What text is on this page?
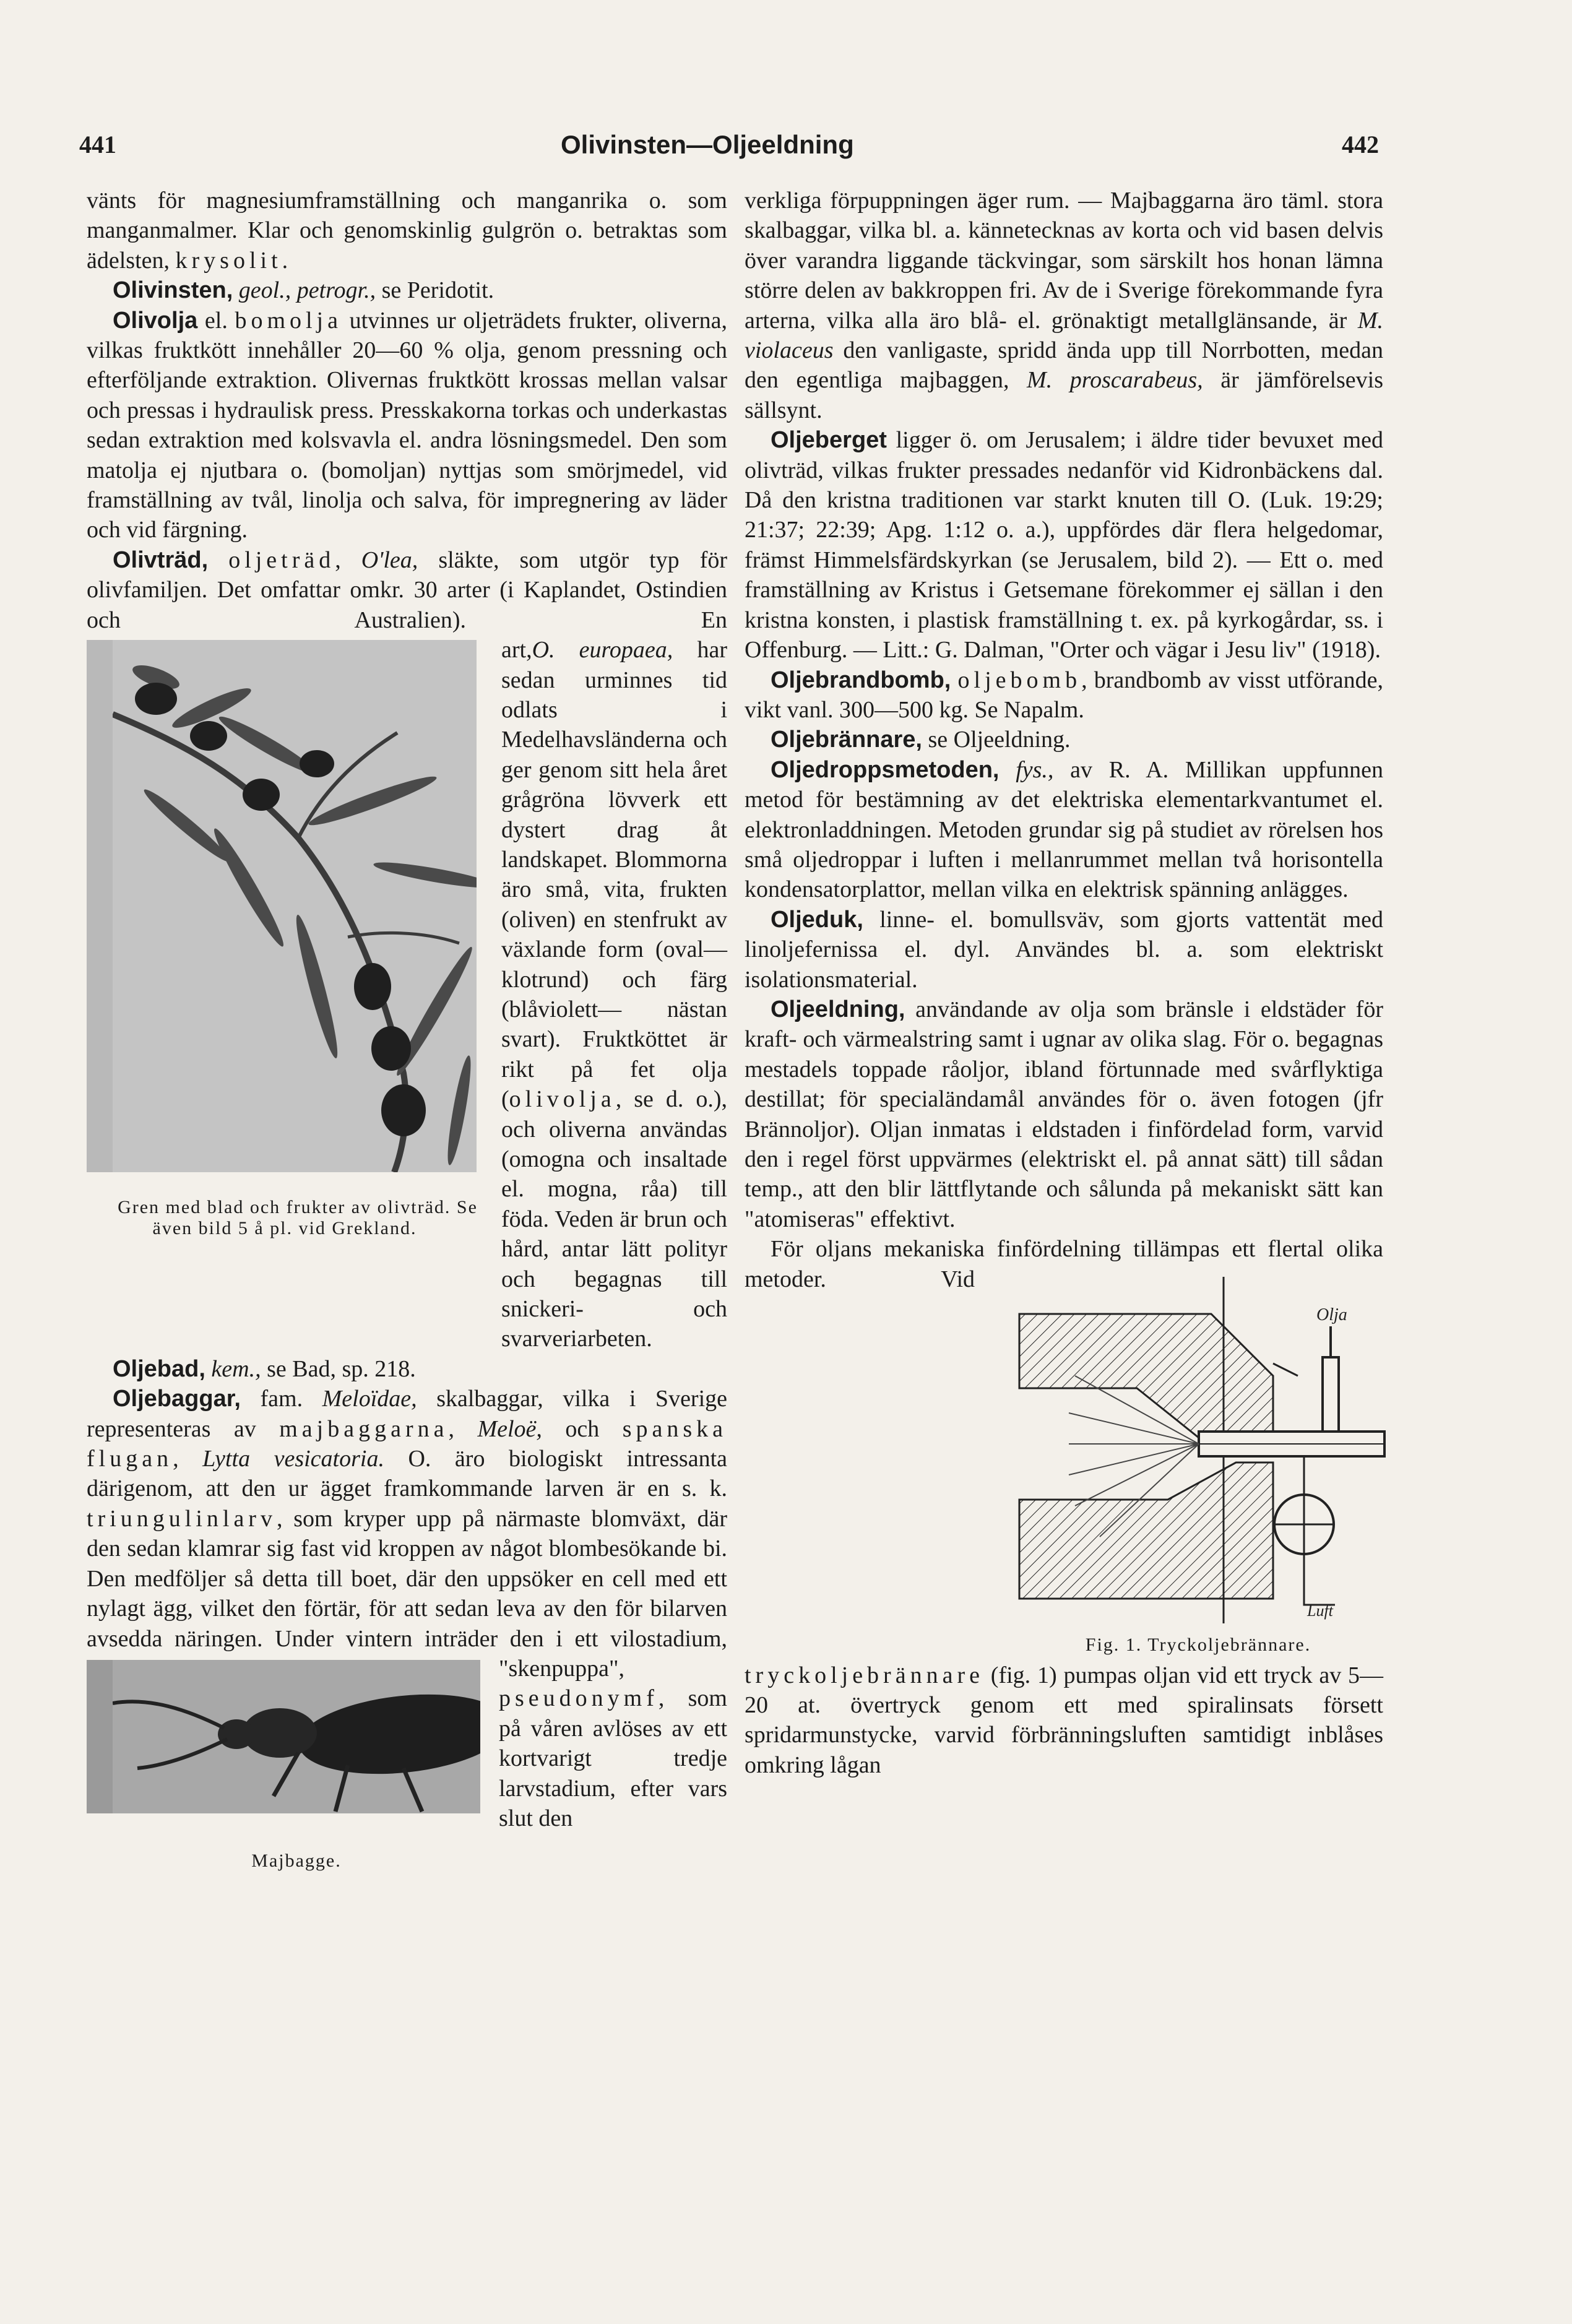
441	Olivinsten—Oljeeldning	442

vänts för magnesiumframställning och manganrika o. som manganmalmer. Klar och genomskinlig gulgrön o. betraktas som ädelsten, krysolit.

Olivinsten, geol., petrogr., se Peridotit.

Olivolja el. bomolja utvinnes ur oljeträdets frukter, oliverna, vilkas fruktkött innehåller 20—60 % olja, genom pressning och efterföljande extraktion. Olivernas fruktkött krossas mellan valsar och pressas i hydraulisk press. Presskakorna torkas och underkastas sedan extraktion med kolsvavla el. andra lösningsmedel. Den som matolja ej njutbara o. (bomoljan) nyttjas som smörjmedel, vid framställning av tvål, linolja och salva, för impregnering av läder och vid färgning.

Olivträd, oljeträd, O'lea, släkte, som utgör typ för olivfamiljen. Det omfattar omkr. 30 arter (i Kaplandet, Ostindien och Australien). En art,
Gren med blad och frukter av olivträd. Se även bild 5 å pl. vid Grekland.
O. europaea, har sedan urminnes tid odlats i Medelhavsländerna och ger genom sitt hela året grågröna lövverk ett dystert drag åt landskapet. Blommorna äro små, vita, frukten (oliven) en stenfrukt av växlande form (oval— klotrund) och färg (blåviolett— nästan svart). Fruktköttet är rikt på fet olja (olivolja, se d. o.), och oliverna användas (omogna och insaltade el. mogna, råa) till föda. Veden är brun och hård, antar lätt polityr och begagnas till snickeri- och svarveriarbeten.

Oljebad, kem., se Bad, sp. 218.

Oljebaggar, fam. Meloïdae, skalbaggar, vilka i Sverige representeras av majbaggarna, Meloë, och spanska flugan, Lytta vesicatoria. O. äro biologiskt intressanta därigenom, att den ur ägget framkommande larven är en s. k. triungulinlarv, som kryper upp på närmaste blomväxt, där den sedan klamrar sig fast vid kroppen av något blombesökande bi. Den medföljer så detta till boet, där den uppsöker en cell med ett nylagt ägg, vilket den förtär, för att sedan leva av den för bilarven avsedda näringen. Under vintern inträder den i ett vilostadium, "skenpuppa",
Majbagge.
pseudonymf, som på våren avlöses av ett kortvarigt tredje larvstadium, efter vars slut den

verkliga förpuppningen äger rum. — Majbaggarna äro täml. stora skalbaggar, vilka bl. a. kännetecknas av korta och vid basen delvis över varandra liggande täckvingar, som särskilt hos honan lämna större delen av bakkroppen fri. Av de i Sverige förekommande fyra arterna, vilka alla äro blå- el. grönaktigt metallglänsande, är M. violaceus den vanligaste, spridd ända upp till Norrbotten, medan den egentliga majbaggen, M. proscarabeus, är jämförelsevis sällsynt.

Oljeberget ligger ö. om Jerusalem; i äldre tider bevuxet med olivträd, vilkas frukter pressades nedanför vid Kidronbäckens dal. Då den kristna traditionen var starkt knuten till O. (Luk. 19:29; 21:37; 22:39; Apg. 1:12 o. a.), uppfördes där flera helgedomar, främst Himmelsfärdskyrkan (se Jerusalem, bild 2). — Ett o. med framställning av Kristus i Getsemane förekommer ej sällan i den kristna konsten, i plastisk framställning t. ex. på kyrkogårdar, ss. i Offenburg. — Litt.: G. Dalman, "Orter och vägar i Jesu liv" (1918).

Oljebrandbomb, oljebomb, brandbomb av visst utförande, vikt vanl. 300—500 kg. Se Napalm.

Oljebrännare, se Oljeeldning.

Oljedroppsmetoden, fys., av R. A. Millikan uppfunnen metod för bestämning av det elektriska elementarkvantumet el. elektronladdningen. Metoden grundar sig på studiet av rörelsen hos små oljedroppar i luften i mellanrummet mellan två horisontella kondensatorplattor, mellan vilka en elektrisk spänning anlägges.

Oljeduk, linne- el. bomullsväv, som gjorts vattentät med linoljefernissa el. dyl. Användes bl. a. som elektriskt isolationsmaterial.

Oljeeldning, användande av olja som bränsle i eldstäder för kraft- och värmealstring samt i ugnar av olika slag. För o. begagnas mestadels toppade råoljor, ibland förtunnade med svårflyktiga destillat; för specialändamål användes för o. även fotogen (jfr Brännoljor). Oljan inmatas i eldstaden i finfördelad form, varvid den i regel först uppvärmes (elektriskt el. på annat sätt) till sådan temp., att den blir lättflytande och sålunda på mekaniskt sätt kan "atomiseras" effektivt.

För oljans mekaniska finfördelning tillämpas ett flertal olika metoder. Vid
Olja
Luft
Fig. 1. Tryckoljebrännare.
tryckoljebrännare (fig. 1) pumpas oljan vid ett tryck av 5—20 at. övertryck genom ett med spiralinsats försett spridarmunstycke, varvid förbränningsluften samtidigt inblåses omkring lågan
